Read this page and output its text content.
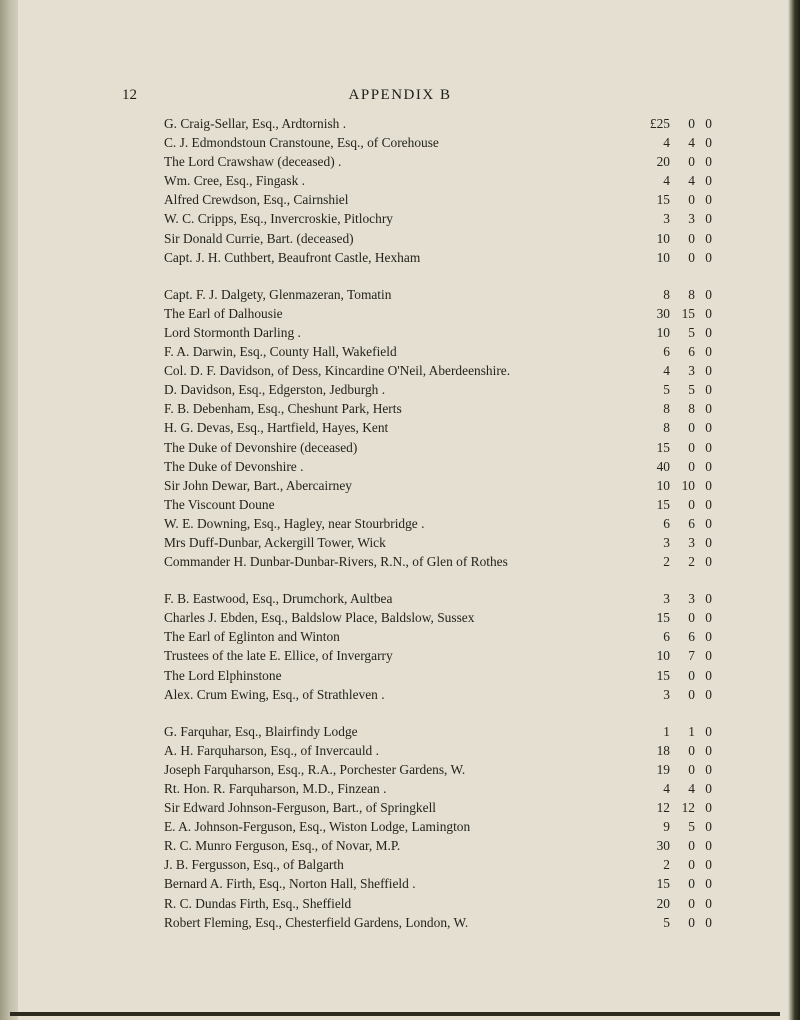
12	APPENDIX B
G. Craig-Sellar, Esq., Ardtornish .	£25	0 0
C. J. Edmondstoun Cranstoune, Esq., of Corehouse	4	4 0
The Lord Crawshaw (deceased) .	20	0 0
Wm. Cree, Esq., Fingask .	4	4 0
Alfred Crewdson, Esq., Cairnshiel	15	0 0
W. C. Cripps, Esq., Invercroskie, Pitlochry	3	3 0
Sir Donald Currie, Bart. (deceased)	10	0 0
Capt. J. H. Cuthbert, Beaufront Castle, Hexham	10	0 0
Capt. F. J. Dalgety, Glenmazeran, Tomatin	8	8 0
The Earl of Dalhousie	30 15 0
Lord Stormonth Darling .	10	5 0
F. A. Darwin, Esq., County Hall, Wakefield	6	6 0
Col. D. F. Davidson, of Dess, Kincardine O'Neil, Aberdeenshire.	4	3 0
D. Davidson, Esq., Edgerston, Jedburgh .	5	5 0
F. B. Debenham, Esq., Cheshunt Park, Herts	8	8 0
H. G. Devas, Esq., Hartfield, Hayes, Kent	8	0 0
The Duke of Devonshire (deceased)	15	0 0
The Duke of Devonshire .	40	0 0
Sir John Dewar, Bart., Abercairney	10 10 0
The Viscount Doune	15	0 0
W. E. Downing, Esq., Hagley, near Stourbridge .	6	6 0
Mrs Duff-Dunbar, Ackergill Tower, Wick	3	3 0
Commander H. Dunbar-Dunbar-Rivers, R.N., of Glen of Rothes	2	2 0
F. B. Eastwood, Esq., Drumchork, Aultbea	3	3 0
Charles J. Ebden, Esq., Baldslow Place, Baldslow, Sussex	15	0 0
The Earl of Eglinton and Winton	6	6 0
Trustees of the late E. Ellice, of Invergarry	10	7 0
The Lord Elphinstone	15	0 0
Alex. Crum Ewing, Esq., of Strathleven .	3	0 0
G. Farquhar, Esq., Blairfindy Lodge	1	1 0
A. H. Farquharson, Esq., of Invercauld .	18	0 0
Joseph Farquharson, Esq., R.A., Porchester Gardens, W.	19	0 0
Rt. Hon. R. Farquharson, M.D., Finzean .	4	4 0
Sir Edward Johnson-Ferguson, Bart., of Springkell	12 12 0
E. A. Johnson-Ferguson, Esq., Wiston Lodge, Lamington	9	5 0
R. C. Munro Ferguson, Esq., of Novar, M.P.	30	0 0
J. B. Fergusson, Esq., of Balgarth	2	0 0
Bernard A. Firth, Esq., Norton Hall, Sheffield .	15	0 0
R. C. Dundas Firth, Esq., Sheffield	20	0 0
Robert Fleming, Esq., Chesterfield Gardens, London, W.	5	0 0
